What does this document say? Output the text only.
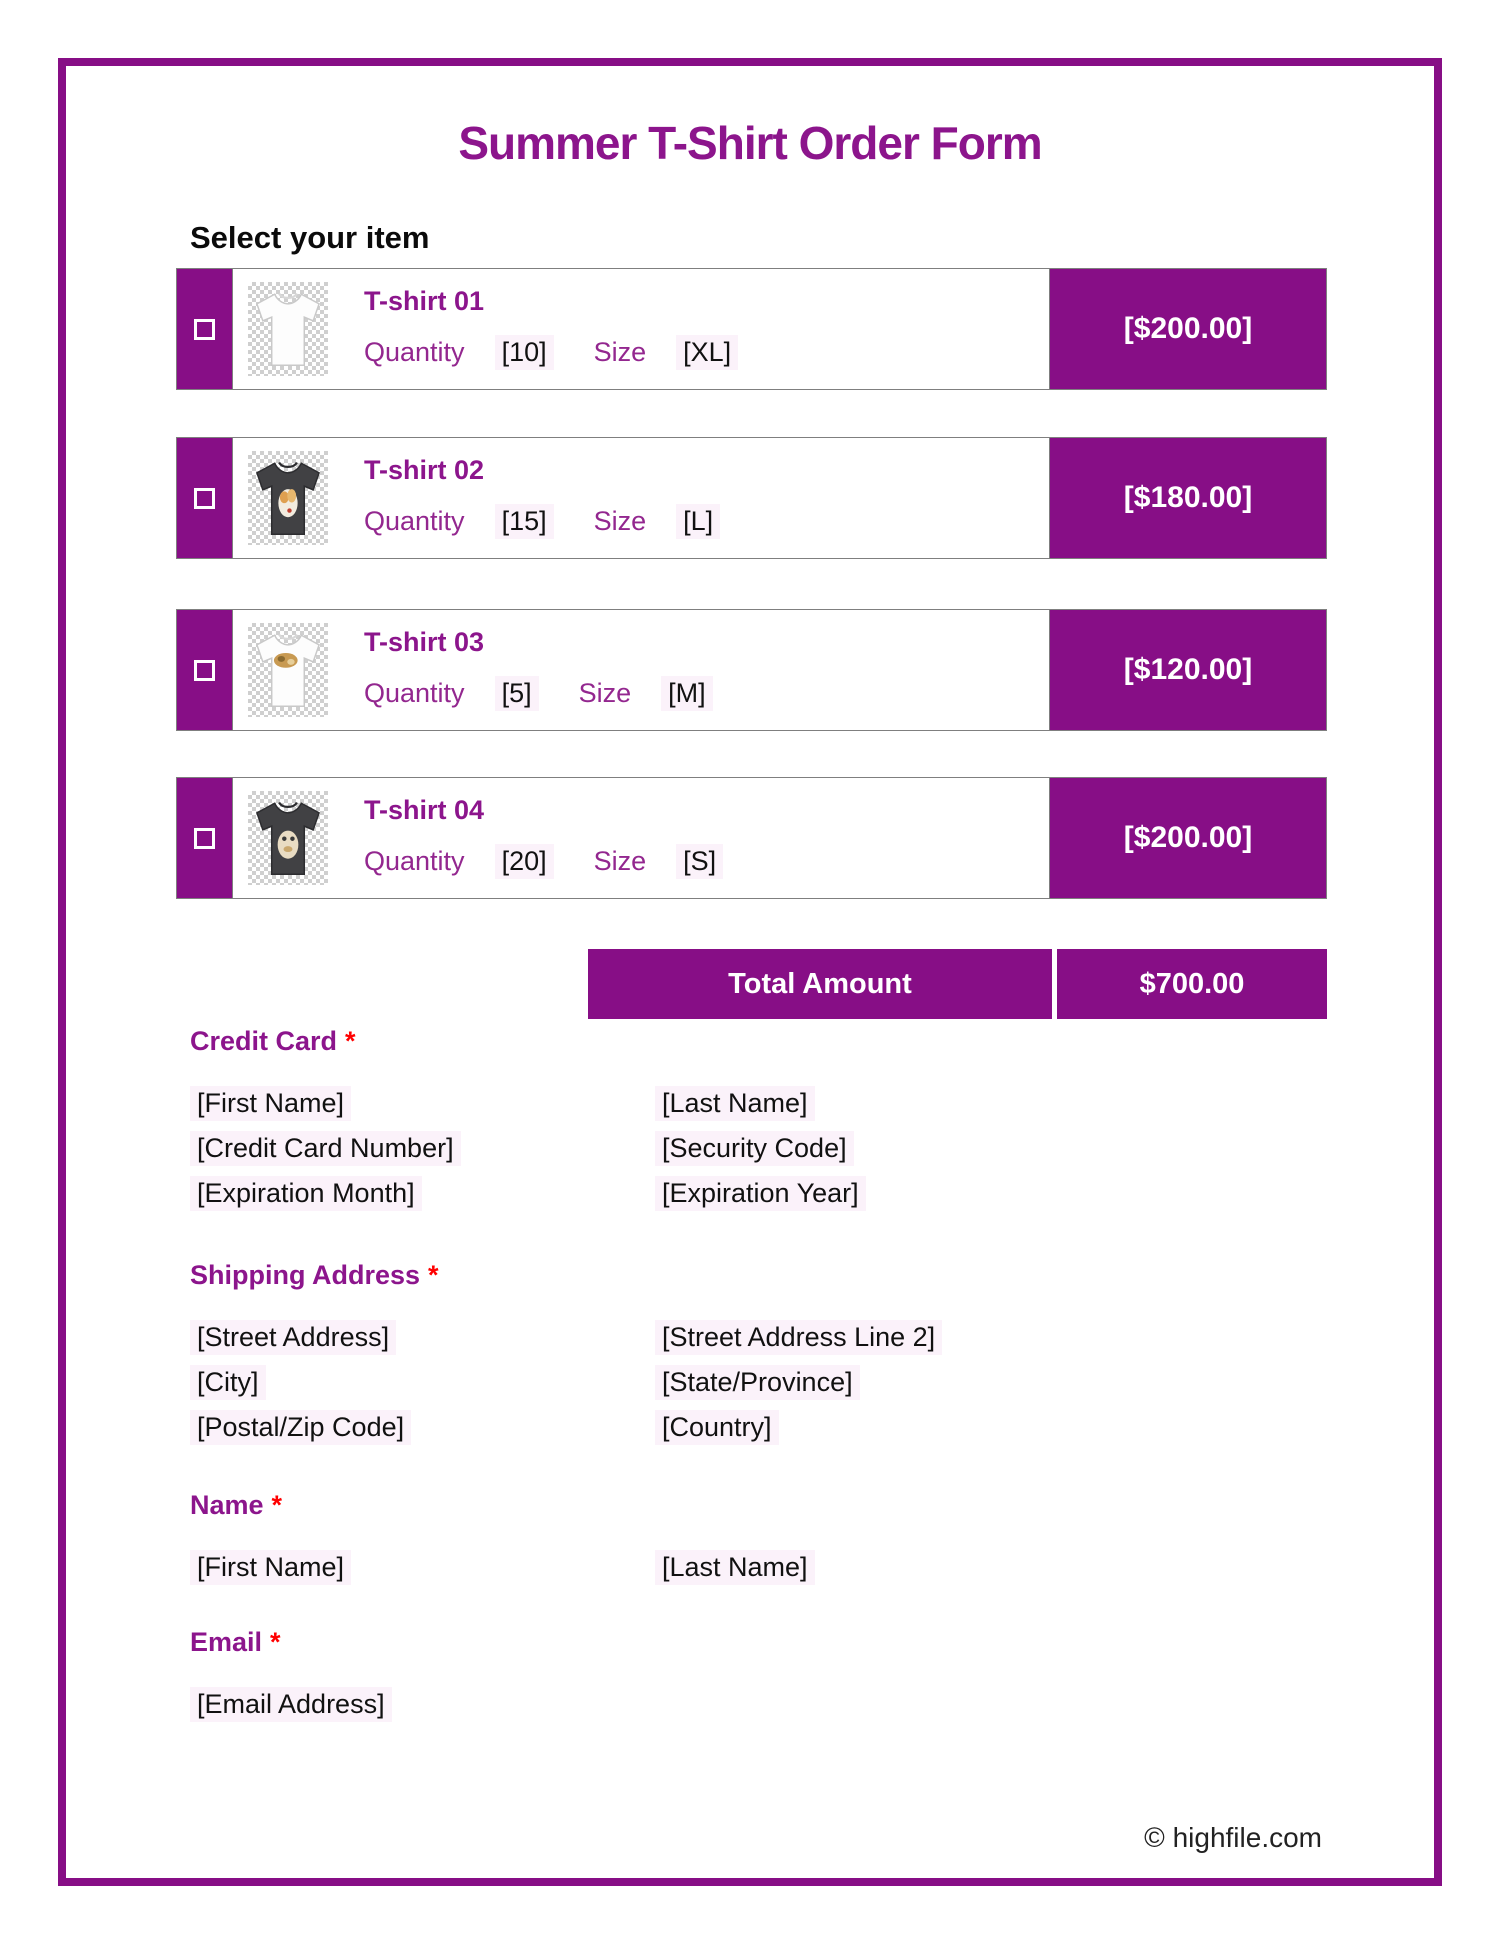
Summer T-Shirt Order Form
Select your item
T-shirt 01
Quantity [10] Size [XL]
[$200.00]
T-shirt 02
Quantity [15] Size [L]
[$180.00]
T-shirt 03
Quantity [5] Size [M]
[$120.00]
T-shirt 04
Quantity [20] Size [S]
[$200.00]
Total Amount	$700.00
Credit Card *
[First Name]	[Last Name]
[Credit Card Number]	[Security Code]
[Expiration Month]	[Expiration Year]
Shipping Address *
[Street Address]	[Street Address Line 2]
[City]	[State/Province]
[Postal/Zip Code]	[Country]
Name *
[First Name]	[Last Name]
Email *
[Email Address]
© highfile.com
